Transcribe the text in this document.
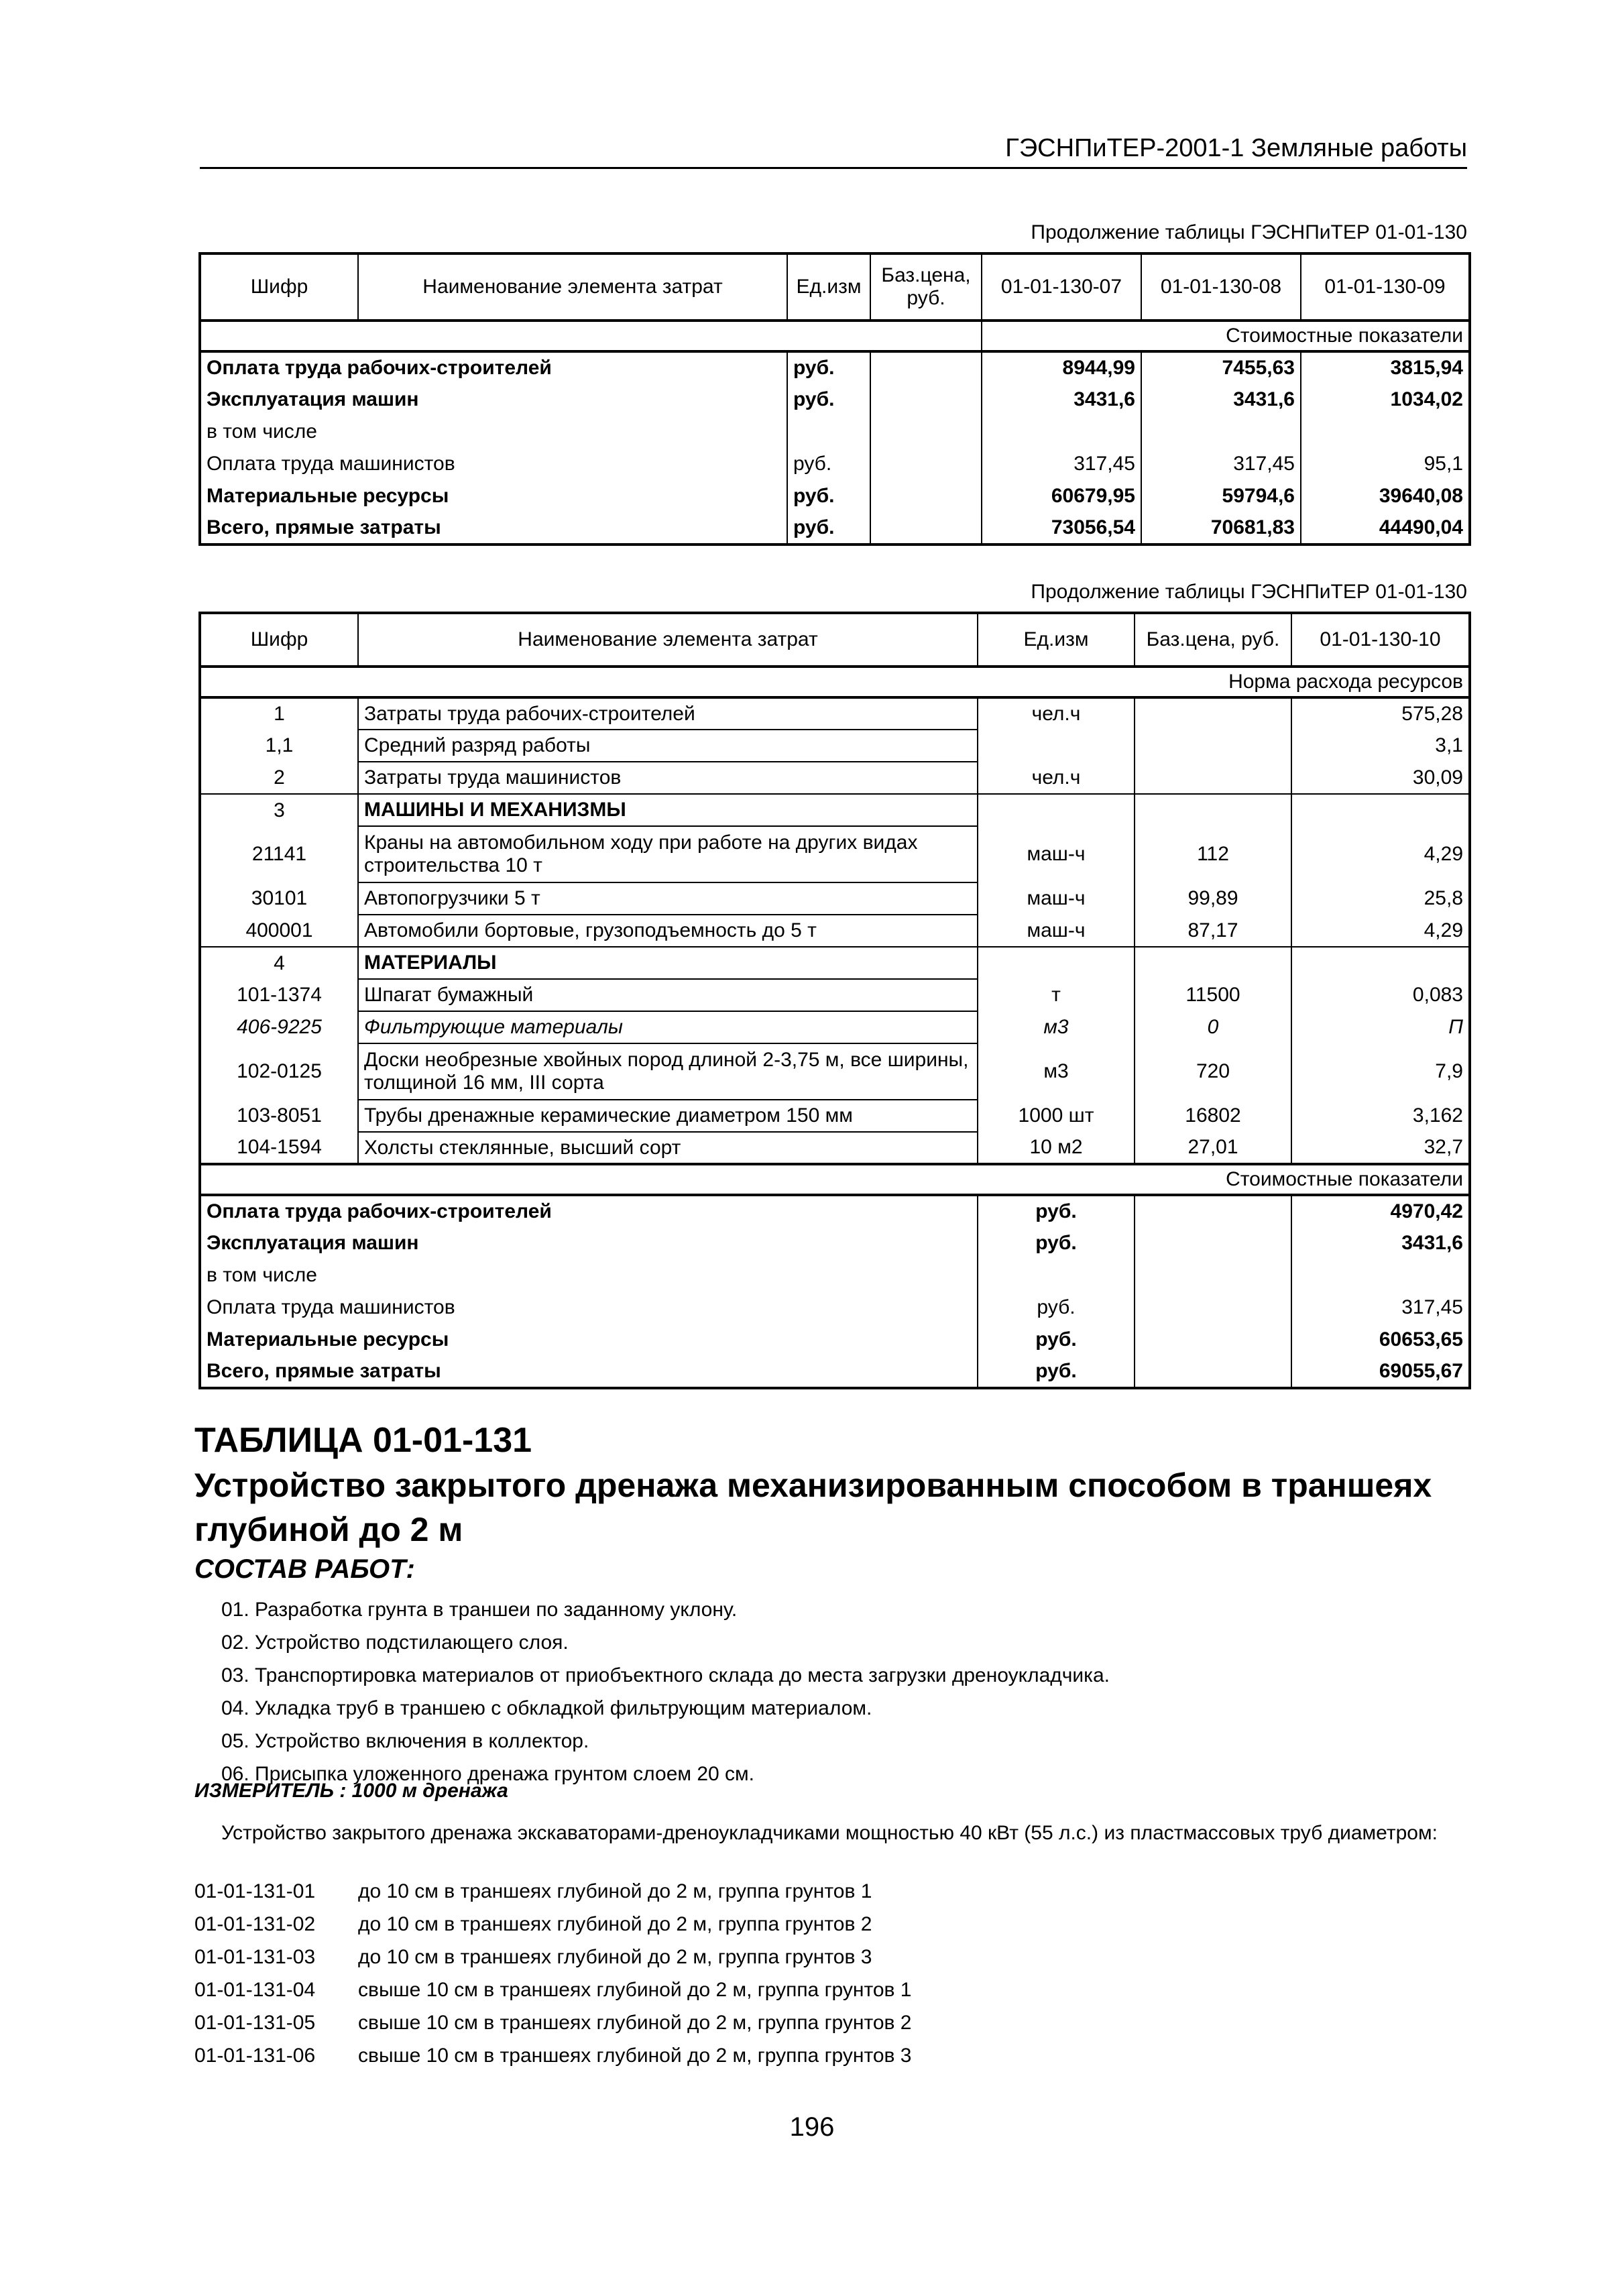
ГЭСНПиТЕР-2001-1 Земляные работы
Продолжение таблицы ГЭСНПиТЕР 01-01-130
Шифр	Наименование элемента затрат	Ед.изм	Баз.цена, руб.	01-01-130-07	01-01-130-08	01-01-130-09
				Стоимостные показатели		
Оплата труда рабочих-строителей		руб.		8944,99	7455,63	3815,94
Эксплуатация машин		руб.		3431,6	3431,6	1034,02
в том числе						
Оплата труда машинистов		руб.		317,45	317,45	95,1
Материальные ресурсы		руб.		60679,95	59794,6	39640,08
Всего, прямые затраты		руб.		73056,54	70681,83	44490,04
Продолжение таблицы ГЭСНПиТЕР 01-01-130
Шифр	Наименование элемента затрат	Ед.изм	Баз.цена, руб.	01-01-130-10
Норма расхода ресурсов				
1	Затраты труда рабочих-строителей	чел.ч		575,28
1,1	Средний разряд работы			3,1
2	Затраты труда машинистов	чел.ч		30,09
3	МАШИНЫ И МЕХАНИЗМЫ			
21141	Краны на автомобильном ходу при работе на других видах строительства 10 т	маш-ч	112	4,29
30101	Автопогрузчики 5 т	маш-ч	99,89	25,8
400001	Автомобили бортовые, грузоподъемность до 5 т	маш-ч	87,17	4,29
4	МАТЕРИАЛЫ			
101-1374	Шпагат бумажный	т	11500	0,083
406-9225	Фильтрующие материалы	м3	0	П
102-0125	Доски необрезные хвойных пород длиной 2-3,75 м, все ширины, толщиной 16 мм, III сорта	м3	720	7,9
103-8051	Трубы дренажные керамические диаметром 150 мм	1000 шт	16802	3,162
104-1594	Холсты стеклянные, высший сорт	10 м2	27,01	32,7
Стоимостные показатели				
Оплата труда рабочих-строителей		руб.		4970,42
Эксплуатация машин		руб.		3431,6
в том числе				
Оплата труда машинистов		руб.		317,45
Материальные ресурсы		руб.		60653,65
Всего, прямые затраты		руб.		69055,67
ТАБЛИЦА 01-01-131
Устройство закрытого дренажа механизированным способом в траншеях глубиной до 2 м
СОСТАВ РАБОТ:
01. Разработка грунта в траншеи по заданному уклону.
02. Устройство подстилающего слоя.
03. Транспортировка материалов от приобъектного склада до места загрузки дреноукладчика.
04. Укладка труб в траншею с обкладкой фильтрующим материалом.
05. Устройство включения в коллектор.
06. Присыпка уложенного дренажа грунтом слоем 20 см.
ИЗМЕРИТЕЛЬ : 1000 м дренажа
Устройство закрытого дренажа экскаваторами-дреноукладчиками мощностью 40 кВт (55 л.с.) из пластмассовых труб диаметром:
01-01-131-01 до 10 см в траншеях глубиной до 2 м, группа грунтов 1
01-01-131-02 до 10 см в траншеях глубиной до 2 м, группа грунтов 2
01-01-131-03 до 10 см в траншеях глубиной до 2 м, группа грунтов 3
01-01-131-04 свыше 10 см в траншеях глубиной до 2 м, группа грунтов 1
01-01-131-05 свыше 10 см в траншеях глубиной до 2 м, группа грунтов 2
01-01-131-06 свыше 10 см в траншеях глубиной до 2 м, группа грунтов 3
196
